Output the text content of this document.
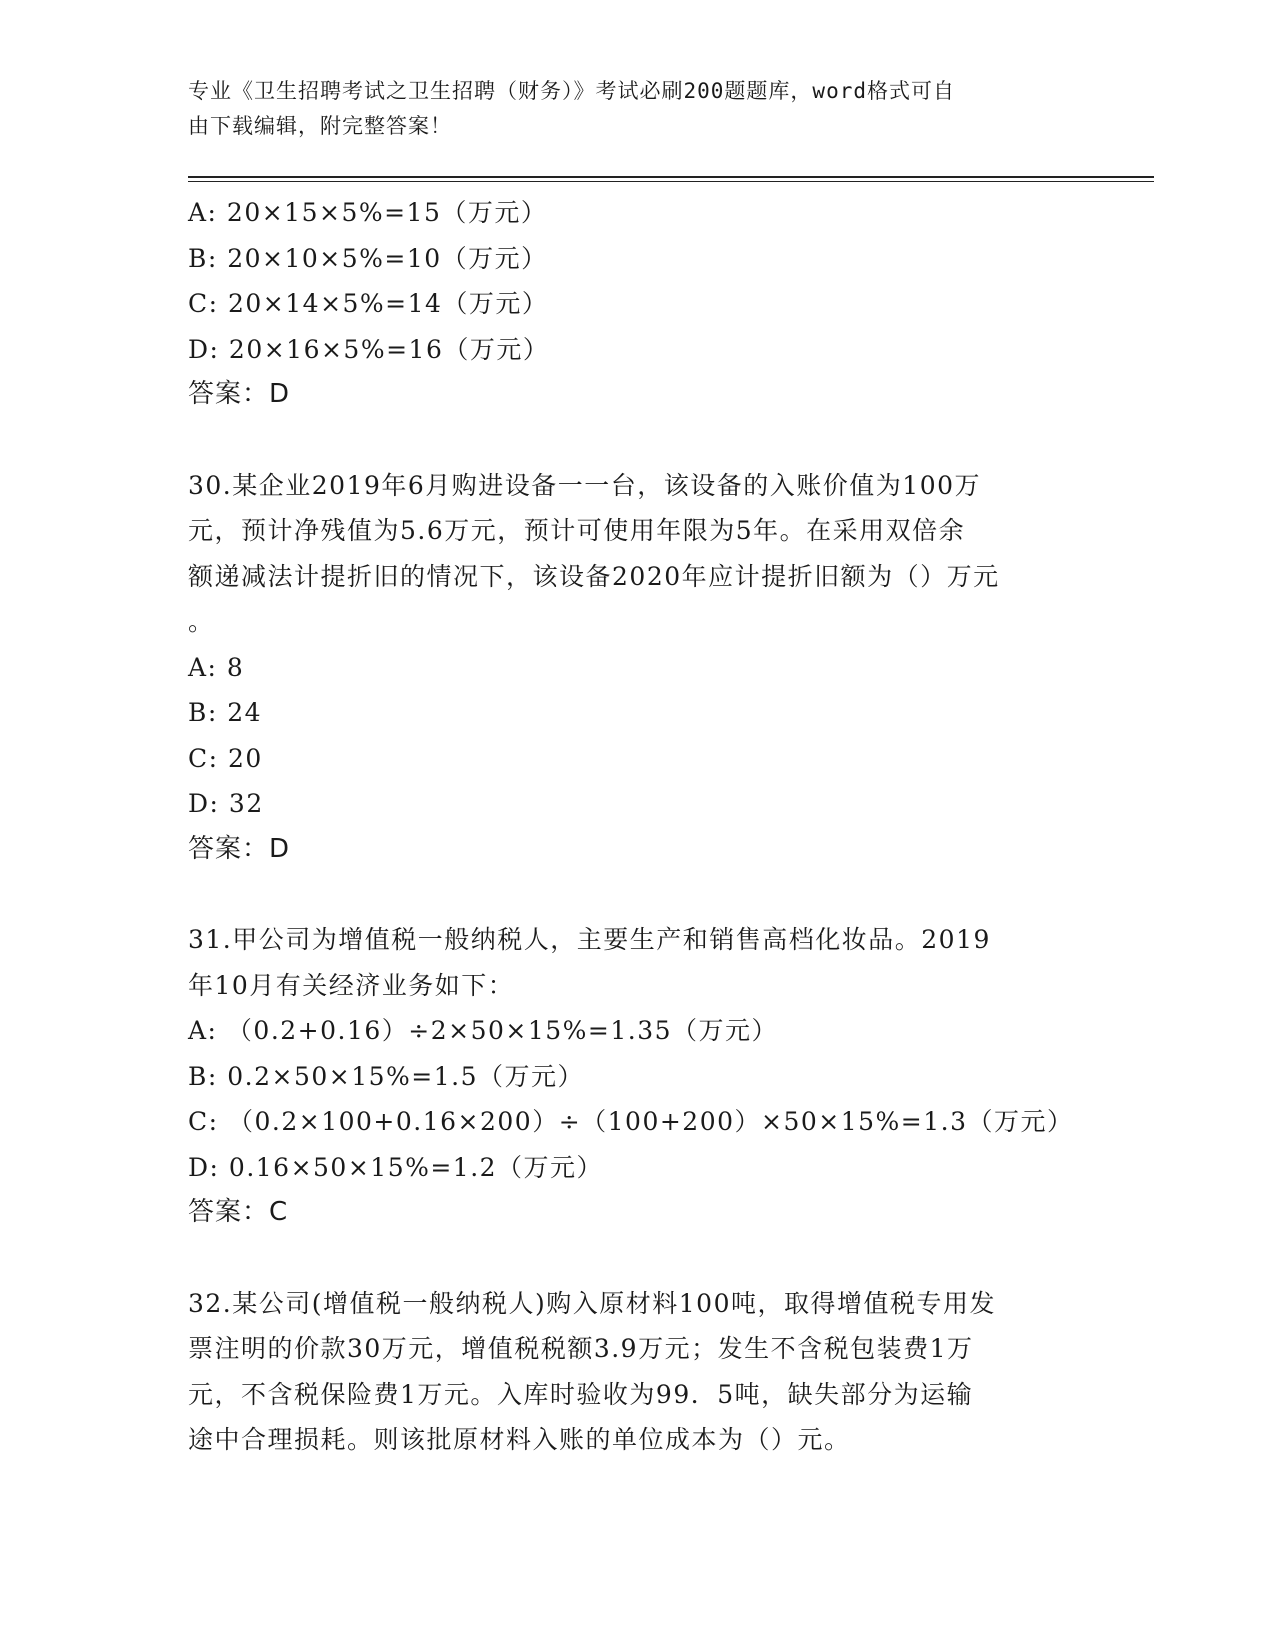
专业《卫生招聘考试之卫生招聘（财务）》考试必刷200题题库，word格式可自
由下载编辑，附完整答案！
A: 20×15×5%=15（万元）
B: 20×10×5%=10（万元）
C: 20×14×5%=14（万元）
D: 20×16×5%=16（万元）
答案：D
30.某企业2019年6月购进设备一一台，该设备的入账价值为100万
元，预计净残值为5.6万元，预计可使用年限为5年。在采用双倍余
额递减法计提折旧的情况下，该设备2020年应计提折旧额为（）万元
。
A: 8
B: 24
C: 20
D: 32
答案：D
31.甲公司为增值税一般纳税人，主要生产和销售高档化妆品。2019
年10月有关经济业务如下：
A: （0.2+0.16）÷2×50×15%=1.35（万元）
B: 0.2×50×15%=1.5（万元）
C: （0.2×100+0.16×200）÷（100+200）×50×15%=1.3（万元）
D: 0.16×50×15%=1.2（万元）
答案：C
32.某公司(增值税一般纳税人)购入原材料100吨，取得增值税专用发
票注明的价款30万元，增值税税额3.9万元；发生不含税包装费1万
元，不含税保险费1万元。入库时验收为99．5吨，缺失部分为运输
途中合理损耗。则该批原材料入账的单位成本为（）元。
